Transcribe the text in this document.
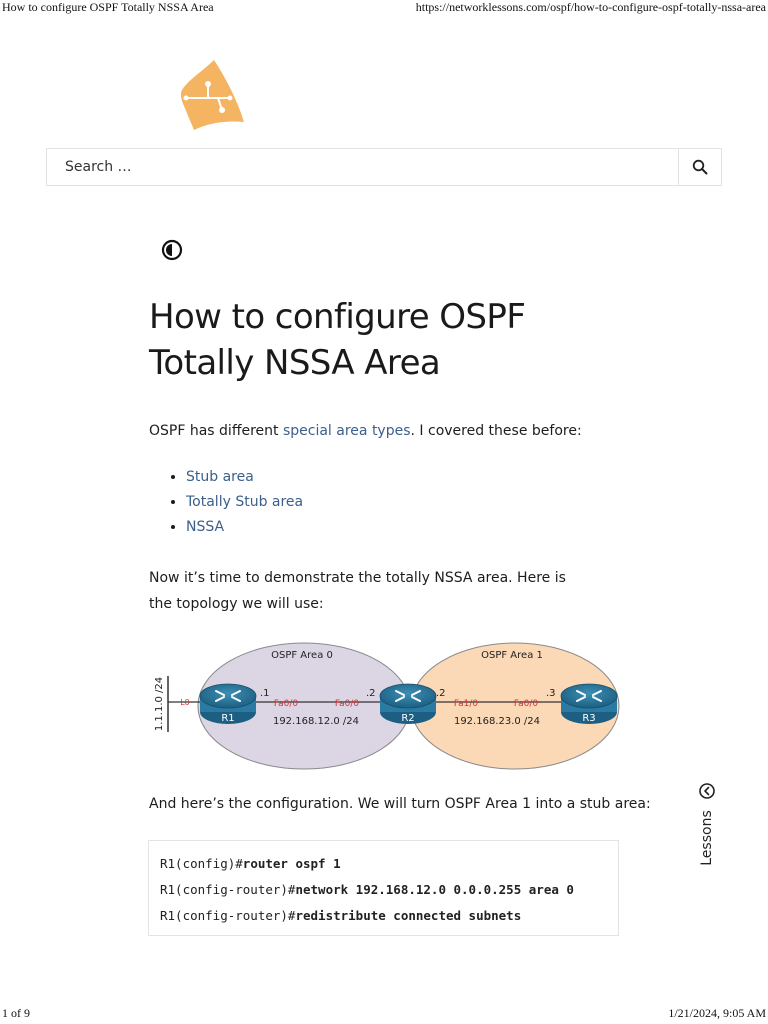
How to configure OSPF Totally NSSA Area	https://networklessons.com/ospf/how-to-configure-ospf-totally-nssa-area
Search …
How to configure OSPF Totally NSSA Area

OSPF has different special area types. I covered these before:

• Stub area
• Totally Stub area
• NSSA

Now it’s time to demonstrate the totally NSSA area. Here is the topology we will use:

OSPF Area 0	OSPF Area 1
1.1.1.0 /24 L0	Fa0/0	Fa0/0	Fa1/0	Fa0/0
.1	.2	.2	.3
192.168.12.0 /24	192.168.23.0 /24
R1	R2	R3

And here’s the configuration. We will turn OSPF Area 1 into a stub area:

R1(config)#router ospf 1
R1(config-router)#network 192.168.12.0 0.0.0.255 area 0
R1(config-router)#redistribute connected subnets
Lessons
1 of 9	1/21/2024, 9:05 AM
